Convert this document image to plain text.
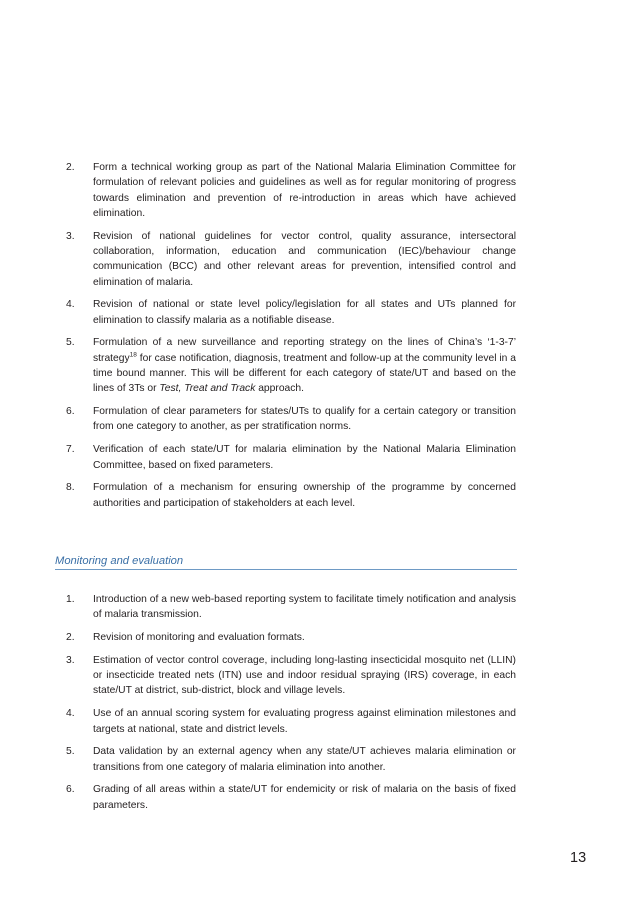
2. Form a technical working group as part of the National Malaria Elimination Committee for formulation of relevant policies and guidelines as well as for regular monitoring of progress towards elimination and prevention of re-introduction in areas which have achieved elimination.
3. Revision of national guidelines for vector control, quality assurance, intersectoral collaboration, information, education and communication (IEC)/behaviour change communication (BCC) and other relevant areas for prevention, intensified control and elimination of malaria.
4. Revision of national or state level policy/legislation for all states and UTs planned for elimination to classify malaria as a notifiable disease.
5. Formulation of a new surveillance and reporting strategy on the lines of China’s ‘1-3-7’ strategy$^{18}$ for case notification, diagnosis, treatment and follow-up at the community level in a time bound manner. This will be different for each category of state/UT and based on the lines of 3Ts or Test, Treat and Track approach.
6. Formulation of clear parameters for states/UTs to qualify for a certain category or transition from one category to another, as per stratification norms.
7. Verification of each state/UT for malaria elimination by the National Malaria Elimination Committee, based on fixed parameters.
8. Formulation of a mechanism for ensuring ownership of the programme by concerned authorities and participation of stakeholders at each level.
Monitoring and evaluation
1. Introduction of a new web-based reporting system to facilitate timely notification and analysis of malaria transmission.
2. Revision of monitoring and evaluation formats.
3. Estimation of vector control coverage, including long-lasting insecticidal mosquito net (LLIN) or insecticide treated nets (ITN) use and indoor residual spraying (IRS) coverage, in each state/UT at district, sub-district, block and village levels.
4. Use of an annual scoring system for evaluating progress against elimination milestones and targets at national, state and district levels.
5. Data validation by an external agency when any state/UT achieves malaria elimination or transitions from one category of malaria elimination into another.
6. Grading of all areas within a state/UT for endemicity or risk of malaria on the basis of fixed parameters.
13
